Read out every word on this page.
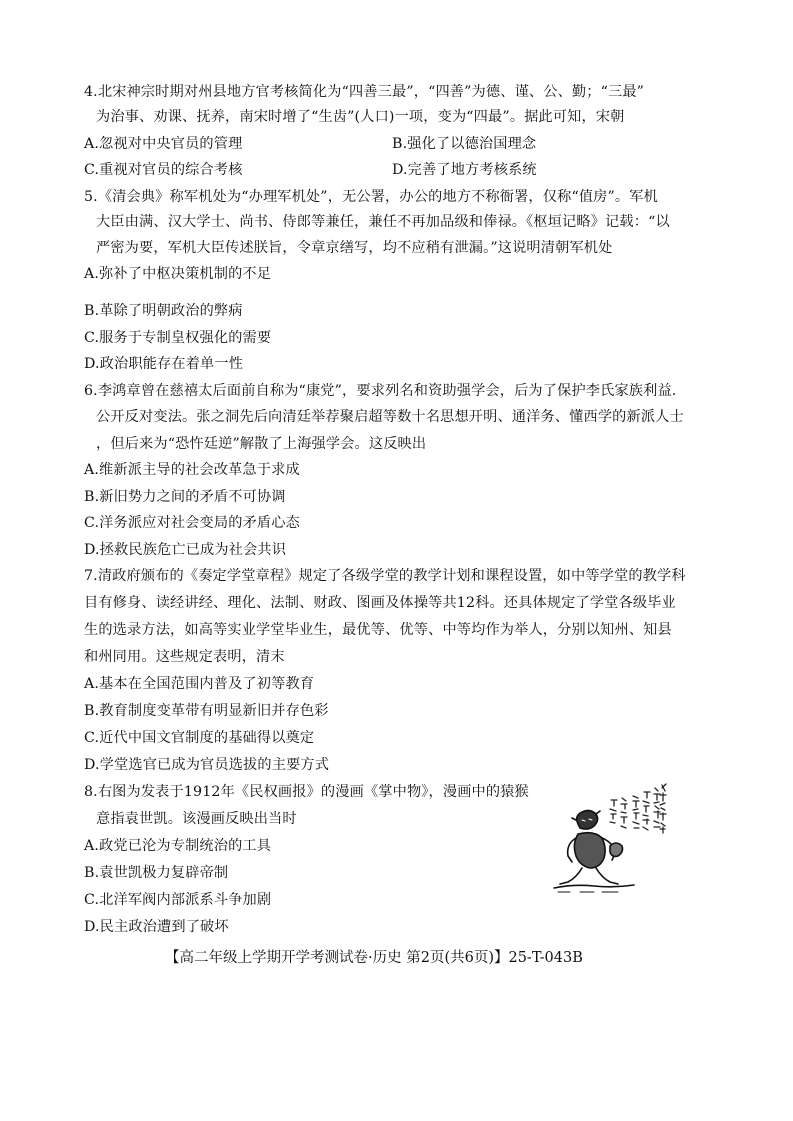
4.北宋神宗时期对州县地方官考核简化为“四善三最”，“四善”为德、谨、公、勤；“三最”
为治事、劝课、抚养，南宋时增了“生齿”(人口)一项，变为“四最”。据此可知，宋朝
A.忽视对中央官员的管理	B.强化了以德治国理念
C.重视对官员的综合考核	D.完善了地方考核系统
5.《清会典》称军机处为“办理军机处”，无公署，办公的地方不称衙署，仅称“值房”。军机
大臣由满、汉大学士、尚书、侍郎等兼任，兼任不再加品级和俸禄。《枢垣记略》记载：“以
严密为要，军机大臣传述朕旨，令章京缮写，均不应稍有泄漏。”这说明清朝军机处
A.弥补了中枢决策机制的不足
B.革除了明朝政治的弊病
C.服务于专制皇权强化的需要
D.政治职能存在着单一性
6.李鸿章曾在慈禧太后面前自称为“康党”，要求列名和资助强学会，后为了保护李氏家族利益.
公开反对变法。张之洞先后向清廷举荐聚启超等数十名思想开明、通洋务、懂西学的新派人士
，但后来为“恐忤廷逆”解散了上海强学会。这反映出
A.维新派主导的社会改革急于求成
B.新旧势力之间的矛盾不可协调
C.洋务派应对社会变局的矛盾心态
D.拯救民族危亡已成为社会共识
7.清政府颁布的《奏定学堂章程》规定了各级学堂的教学计划和课程设置，如中等学堂的教学科
目有修身、读经讲经、理化、法制、财政、图画及体操等共12科。还具体规定了学堂各级毕业
生的选录方法，如高等实业学堂毕业生，最优等、优等、中等均作为举人，分别以知州、知县
和州同用。这些规定表明，清末
A.基本在全国范围内普及了初等教育
B.教育制度变革带有明显新旧并存色彩
C.近代中国文官制度的基础得以奠定
D.学堂选官已成为官员选拔的主要方式
8.右图为发表于1912年《民权画报》的漫画《掌中物》，漫画中的猿猴
意指袁世凯。该漫画反映出当时
A.政党已沦为专制统治的工具
B.袁世凯极力复辟帝制
C.北洋军阀内部派系斗争加剧
D.民主政治遭到了破坏
【高二年级上学期开学考测试卷·历史 第2页(共6页)】25-T-043B
